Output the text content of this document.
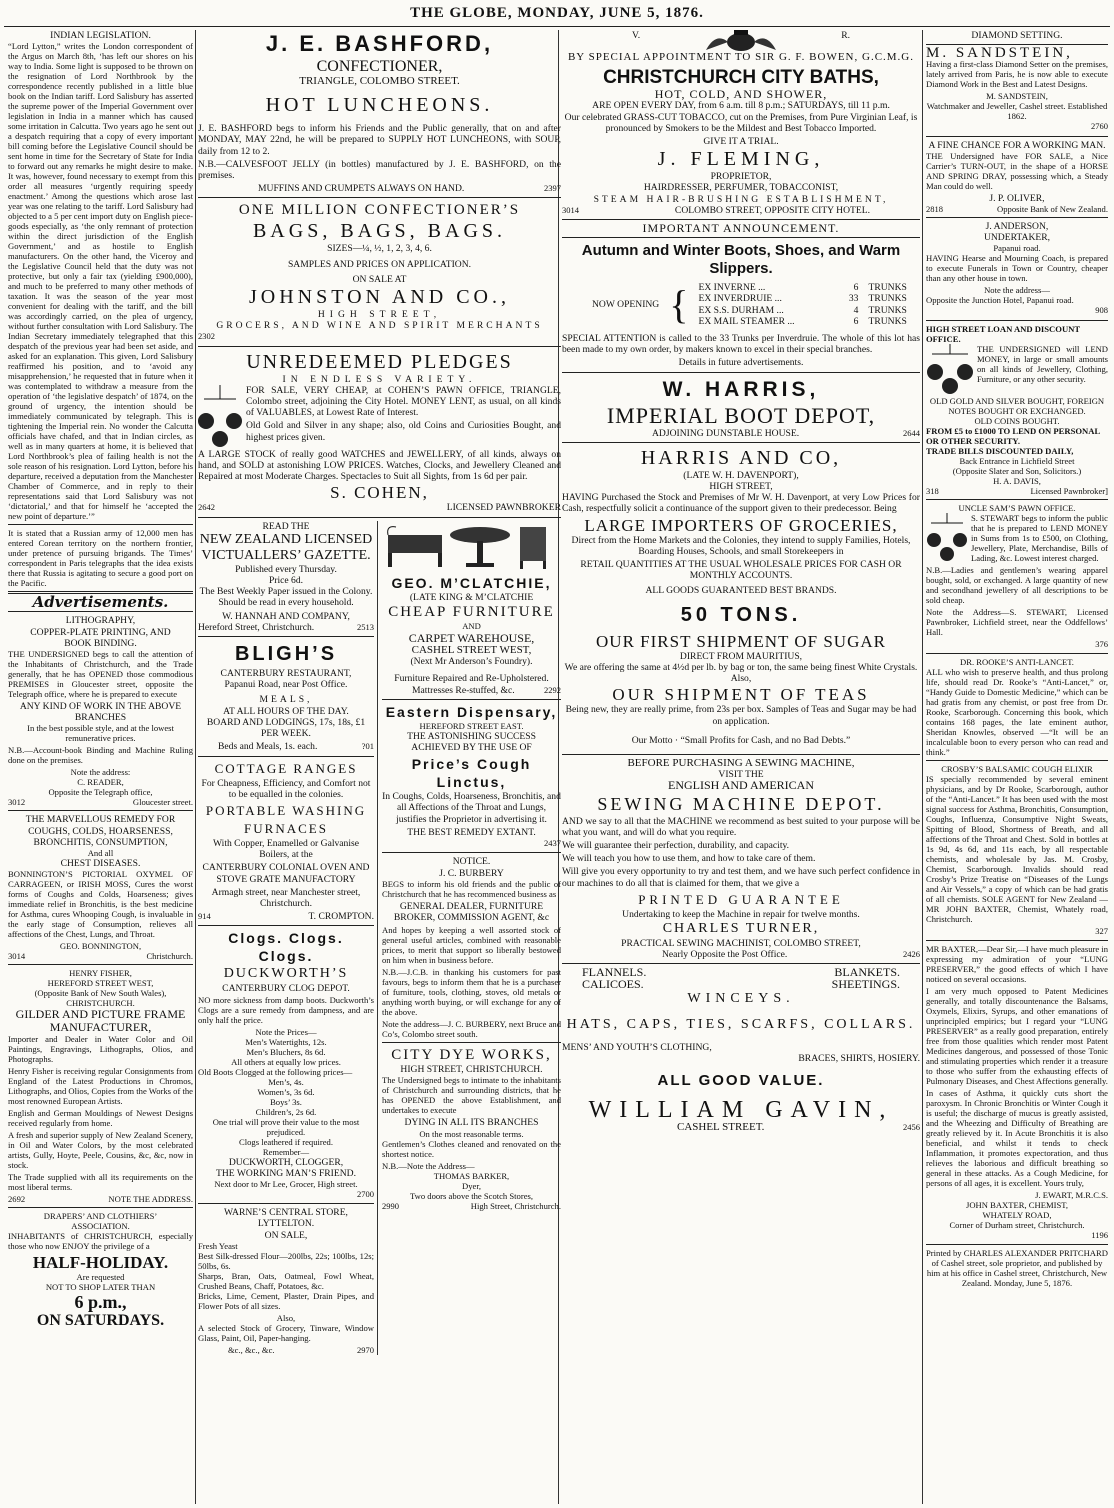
THE GLOBE, MONDAY, JUNE 5, 1876.
INDIAN LEGISLATION.

“Lord Lytton,” writes the London correspondent of the Argus on March 8th, ‘has left our shores on his way to India. Some light is supposed to be thrown on the resignation of Lord Northbrook by the correspondence recently published in a little blue book on the Indian tariff. Lord Salisbury has asserted the supreme power of the Imperial Government over legislation in India in a manner which has caused some irritation in Calcutta. Two years ago he sent out a despatch requiring that a copy of every important bill coming before the Legislative Council should be sent home in time for the Secretary of State for India to forward out any remarks he might desire to make. It was, however, found necessary to exempt from this order all measures ‘urgently requiring speedy enactment.’ Among the questions which arose last year was one relating to the tariff. Lord Salisbury had objected to a 5 per cent import duty on English piece-goods especially, as ‘the only remnant of protection within the direct jurisdiction of the English Government,’ and as hostile to English manufacturers. On the other hand, the Viceroy and the Legislative Council held that the duty was not protective, but only a fair tax (yielding £900,000), and much to be preferred to many other methods of taxation. It was the season of the year most convenient for dealing with the tariff, and the bill was accordingly carried, on the plea of urgency, without further consultation with Lord Salisbury. The Indian Secretary immediately telegraphed that this despatch of the previous year had been set aside, and asked for an explanation. This given, Lord Salisbury reaffirmed his position, and to ‘avoid any misapprehension,’ he requested that in future when it was contemplated to withdraw a measure from the operation of ‘the legislative despatch’ of 1874, on the ground of urgency, the intention should be immediately communicated by telegraph. This is tightening the Imperial rein. No wonder the Calcutta officials have chafed, and that in Indian circles, as well as in many quarters at home, it is believed that Lord Northbrook’s plea of failing health is not the sole reason of his resignation. Lord Lytton, before his departure, received a deputation from the Manchester Chamber of Commerce, and in reply to their representations said that Lord Salisbury was not ‘dictatorial,’ and that for himself he ‘accepted the new point of departure.’”

It is stated that a Russian army of 12,000 men has entered Corean territory on the northern frontier, under pretence of pursuing brigands. The Times’ correspondent in Paris telegraphs that the idea exists there that Russia is agitating to secure a good port on the Pacific.

Advertisements.
LITHOGRAPHY,
COPPER-PLATE PRINTING, AND
BOOK BINDING.

THE UNDERSIGNED begs to call the attention of the Inhabitants of Christchurch, and the Trade generally, that he has OPENED those commodious PREMISES in Gloucester street, opposite the Telegraph office, where he is prepared to execute

ANY KIND OF WORK IN THE ABOVE BRANCHES

In the best possible style, and at the lowest remunerative prices.

N.B.—Account-book Binding and Machine Ruling done on the premises.

Note the address:
C. READER,
Opposite the Telegraph office,
3012	Gloucester street.
THE MARVELLOUS REMEDY FOR
COUGHS, COLDS, HOARSENESS,
BRONCHITIS, CONSUMPTION,
And all
CHEST DISEASES.

BONNINGTON’S PICTORIAL OXYMEL OF CARRAGEEN, or IRISH MOSS, Cures the worst forms of Coughs and Colds, Hoarseness; gives immediate relief in Bronchitis, is the best medicine for Asthma, cures Whooping Cough, is invaluable in the early stage of Consumption, relieves all affections of the Chest, Lungs, and Throat.

GEO. BONNINGTON,
3014	Christchurch.
HENRY FISHER,
HEREFORD STREET WEST,
(Opposite Bank of New South Wales),
CHRISTCHURCH.
GILDER AND PICTURE FRAME MANUFACTURER,

Importer and Dealer in Water Color and Oil Paintings, Engravings, Lithographs, Olios, and Photographs.

Henry Fisher is receiving regular Consignments from England of the Latest Productions in Chromos, Lithographs, and Olios, Copies from the Works of the most renowned European Artists.

English and German Mouldings of Newest Designs received regularly from home.

A fresh and superior supply of New Zealand Scenery, in Oil and Water Colors, by the most celebrated artists, Gully, Hoyte, Peele, Cousins, &c, &c, now in stock.

The Trade supplied with all its requirements on the most liberal terms.

2692	NOTE THE ADDRESS.
DRAPERS’ AND CLOTHIERS’
ASSOCIATION.

INHABITANTS of CHRISTCHURCH, especially those who now ENJOY the privilege of a

HALF-HOLIDAY.
Are requested
NOT TO SHOP LATER THAN
6 p.m.,
ON SATURDAYS.
J. E. BASHFORD,
CONFECTIONER,
TRIANGLE, COLOMBO STREET.
HOT LUNCHEONS.

J. E. BASHFORD begs to inform his Friends and the Public generally, that on and after MONDAY, MAY 22nd, he will be prepared to SUPPLY HOT LUNCHEONS, with SOUP, daily from 12 to 2.

N.B.—CALVESFOOT JELLY (in bottles) manufactured by J. E. BASHFORD, on the premises.

MUFFINS AND CRUMPETS ALWAYS ON HAND.	2397
ONE MILLION CONFECTIONER’S
BAGS, BAGS, BAGS.
SIZES—¼, ½, 1, 2, 3, 4, 6.
SAMPLES AND PRICES ON APPLICATION.
ON SALE AT
JOHNSTON AND CO.,
HIGH STREET,
GROCERS, AND WINE AND SPIRIT MERCHANTS
2302
UNREDEEMED PLEDGES
IN ENDLESS VARIETY.

FOR SALE, VERY CHEAP, at COHEN’S PAWN OFFICE, TRIANGLE, Colombo street, adjoining the City Hotel. MONEY LENT, as usual, on all kinds of VALUABLES, at Lowest Rate of Interest.

Old Gold and Silver in any shape; also, old Coins and Curiosities Bought, and highest prices given.

A LARGE STOCK of really good WATCHES and JEWELLERY, of all kinds, always on hand, and SOLD at astonishing LOW PRICES. Watches, Clocks, and Jewellery Cleaned and Repaired at most Moderate Charges. Spectacles to Suit all Sights, from 1s 6d per pair.

S. COHEN,
2642	LICENSED PAWNBROKER
READ THE
NEW ZEALAND LICENSED
VICTUALLERS’ GAZETTE.
Published every Thursday.
Price 6d.

The Best Weekly Paper issued in the Colony. Should be read in every household.

W. HANNAH AND COMPANY,
Hereford Street, Christchurch.	2513
BLIGH’S
CANTERBURY RESTAURANT,
Papanui Road, near Post Office.
MEALS,
AT ALL HOURS OF THE DAY.

BOARD AND LODGINGS, 17s, 18s, £1 PER WEEK.

Beds and Meals, 1s. each.	?01
COTTAGE RANGES

For Cheapness, Efficiency, and Comfort not to be equalled in the colonies.

PORTABLE WASHING FURNACES

With Copper, Enamelled or Galvanise Boilers, at the

CANTERBURY COLONIAL OVEN AND STOVE GRATE MANUFACTORY

Armagh street, near Manchester street, Christchurch.

914	T. CROMPTON.
Clogs. Clogs. Clogs.
DUCKWORTH’S
CANTERBURY CLOG DEPOT.

NO more sickness from damp boots. Duckworth’s Clogs are a sure remedy from dampness, and are only half the price.

Note the Prices—
Men’s Watertights, 12s.
Men’s Bluchers, 8s 6d.
All others at equally low prices.
Old Boots Clogged at the following prices—
Men’s, 4s.
Women’s, 3s 6d.
Boys’ 3s.
Children’s, 2s 6d.
One trial will prove their value to the most prejudiced.
Clogs leathered if required.
Remember—
DUCKWORTH, CLOGGER,
THE WORKING MAN’S FRIEND.
Next door to Mr Lee, Grocer, High street.
2700
WARNE’S CENTRAL STORE, LYTTELTON.
ON SALE,

Fresh Yeast
Best Silk-dressed Flour—200lbs, 22s; 100lbs, 12s; 50lbs, 6s.
Sharps, Bran, Oats, Oatmeal, Fowl Wheat, Crushed Beans, Chaff, Potatoes, &c.
Bricks, Lime, Cement, Plaster, Drain Pipes, and Flower Pots of all sizes.

Also,

A selected Stock of Grocery, Tinware, Window Glass, Paint, Oil, Paper-hanging.

&c., &c., &c.	2970
GEO. M’CLATCHIE,
(LATE KING & M’CLATCHIE
CHEAP FURNITURE
AND
CARPET WAREHOUSE,
CASHEL STREET WEST,
(Next Mr Anderson’s Foundry).
Furniture Repaired and Re-Upholstered.
Mattresses Re-stuffed, &c.	2292
Eastern Dispensary,
HEREFORD STREET EAST.

THE ASTONISHING SUCCESS ACHIEVED BY THE USE OF

Price’s Cough Linctus,

In Coughs, Colds, Hoarseness, Bronchitis, and all Affections of the Throat and Lungs, justifies the Proprietor in advertising it.

THE BEST REMEDY EXTANT.
2437
NOTICE.
J. C. BURBERY

BEGS to inform his old friends and the public of Christchurch that he has recommenced business as

GENERAL DEALER, FURNITURE BROKER, COMMISSION AGENT, &c

And hopes by keeping a well assorted stock of general useful articles, combined with reasonable prices, to merit that support so liberally bestowed on him when in business before.

N.B.—J.C.B. in thanking his customers for past favours, begs to inform them that he is a purchaser of furniture, tools, clothing, stoves, old metals or anything worth buying, or will exchange for any of the above.

Note the address—J. C. BURBERY, next Bruce and Co’s, Colombo street south.

CITY DYE WORKS,
HIGH STREET, CHRISTCHURCH.

The Undersigned begs to intimate to the inhabitants of Christchurch and surrounding districts, that he has OPENED the above Establishment, and undertakes to execute

DYING IN ALL ITS BRANCHES
On the most reasonable terms.

Gentlemen’s Clothes cleaned and renovated on the shortest notice.

N.B.—Note the Address—
THOMAS BARKER,
Dyer,
Two doors above the Scotch Stores,
2990	High Street, Christchurch.
V.	R.
BY SPECIAL APPOINTMENT TO SIR G. F. BOWEN, G.C.M.G.
CHRISTCHURCH CITY BATHS,
HOT, COLD, AND SHOWER,
ARE OPEN EVERY DAY, from 6 a.m. till 8 p.m.; SATURDAYS, till 11 p.m.

Our celebrated GRASS-CUT TOBACCO, cut on the Premises, from Pure Virginian Leaf, is pronounced by Smokers to be the Mildest and Best Tobacco Imported.

GIVE IT A TRIAL.
J. FLEMING,
PROPRIETOR,
HAIRDRESSER, PERFUMER, TOBACCONIST,
STEAM HAIR-BRUSHING ESTABLISHMENT,
3014	COLOMBO STREET, OPPOSITE CITY HOTEL.
IMPORTANT ANNOUNCEMENT.
Autumn and Winter Boots, Shoes, and Warm Slippers.
NOW OPENING { EX INVERNE ...	6 TRUNKS
EX INVERDRUIE ...	33 TRUNKS
EX S.S. DURHAM ...	4 TRUNKS
EX MAIL STEAMER ...	6 TRUNKS

SPECIAL ATTENTION is called to the 33 Trunks per Inverdruie. The whole of this lot has been made to my own order, by makers known to excel in their special branches.

Details in future advertisements.
W. HARRIS,
IMPERIAL BOOT DEPOT,
ADJOINING DUNSTABLE HOUSE.	2644
HARRIS AND CO,
(LATE W. H. DAVENPORT),
HIGH STREET,

HAVING Purchased the Stock and Premises of Mr W. H. Davenport, at very Low Prices for Cash, respectfully solicit a continuance of the support given to their predecessor. Being

LARGE IMPORTERS OF GROCERIES,

Direct from the Home Markets and the Colonies, they intend to supply Families, Hotels, Boarding Houses, Schools, and small Storekeepers in

RETAIL QUANTITIES AT THE USUAL WHOLESALE PRICES FOR CASH OR MONTHLY ACCOUNTS.

ALL GOODS GUARANTEED BEST BRANDS.
50 TONS.
OUR FIRST SHIPMENT OF SUGAR
DIRECT FROM MAURITIUS,

We are offering the same at 4½d per lb. by bag or ton, the same being finest White Crystals. Also,

OUR SHIPMENT OF TEAS

Being new, they are really prime, from 23s per box. Samples of Teas and Sugar may be had on application.

Our Motto · “Small Profits for Cash, and no Bad Debts.”
BEFORE PURCHASING A SEWING MACHINE,
VISIT THE
ENGLISH AND AMERICAN
SEWING MACHINE DEPOT.

AND we say to all that the MACHINE we recommend as best suited to your purpose will be what you want, and will do what you require.

We will guarantee their perfection, durability, and capacity.

We will teach you how to use them, and how to take care of them.

Will give you every opportunity to try and test them, and we have such perfect confidence in our machines to do all that is claimed for them, that we give a

PRINTED GUARANTEE
Undertaking to keep the Machine in repair for twelve months.
CHARLES TURNER,
PRACTICAL SEWING MACHINIST, COLOMBO STREET,
Nearly Opposite the Post Office.	2426
FLANNELS.	BLANKETS.
CALICOES.	SHEETINGS.
WINCEYS.
HATS, CAPS, TIES, SCARFS, COLLARS.
MENS’ AND YOUTH’S CLOTHING,
BRACES, SHIRTS, HOSIERY.
ALL GOOD VALUE.
WILLIAM GAVIN,
CASHEL STREET.	2456
DIAMOND SETTING.
M. SANDSTEIN,

Having a first-class Diamond Setter on the premises, lately arrived from Paris, he is now able to execute Diamond Work in the Best and Latest Designs.

M. SANDSTEIN,
Watchmaker and Jeweller, Cashel street. Established 1862.
2760
A FINE CHANCE FOR A WORKING MAN.

THE Undersigned have FOR SALE, a Nice Carrier’s TURN-OUT, in the shape of a HORSE AND SPRING DRAY, possessing which, a Steady Man could do well.

J. P. OLIVER,
2818	Opposite Bank of New Zealand.
J. ANDERSON,
UNDERTAKER,
Papanui road.

HAVING Hearse and Mourning Coach, is prepared to execute Funerals in Town or Country, cheaper than any other house in town.

Note the address—
Opposite the Junction Hotel, Papanui road.
908
HIGH STREET LOAN AND DISCOUNT OFFICE.

THE UNDERSIGNED will LEND MONEY, in large or small amounts on all kinds of Jewellery, Clothing, Furniture, or any other security.

OLD GOLD AND SILVER BOUGHT, FOREIGN NOTES BOUGHT OR EXCHANGED.
OLD COINS BOUGHT.
FROM £5 to £1000 TO LEND ON PERSONAL OR OTHER SECURITY.
TRADE BILLS DISCOUNTED DAILY,
Back Entrance in Lichfield Street
(Opposite Slater and Son, Solicitors.)
H. A. DAVIS,
318	Licensed Pawnbroker]
UNCLE SAM’S PAWN OFFICE.

S. STEWART begs to inform the public that he is prepared to LEND MONEY in Sums from 1s to £500, on Clothing, Jewellery, Plate, Merchandise, Bills of Lading, &c. Lowest interest charged.

N.B.—Ladies and gentlemen’s wearing apparel bought, sold, or exchanged. A large quantity of new and secondhand jewellery of all descriptions to be sold cheap.

Note the Address—S. STEWART, Licensed Pawnbroker, Lichfield street, near the Oddfellows’ Hall.

376
DR. ROOKE’S ANTI-LANCET.

ALL who wish to preserve health, and thus prolong life, should read Dr. Rooke’s “Anti-Lancet,” or, “Handy Guide to Domestic Medicine,” which can be had gratis from any chemist, or post free from Dr. Rooke, Scarborough. Concerning this book, which contains 168 pages, the late eminent author, Sheridan Knowles, observed —“It will be an incalculable boon to every person who can read and think.”

CROSBY’S BALSAMIC COUGH ELIXIR

IS specially recommended by several eminent physicians, and by Dr Rooke, Scarborough, author of the “Anti-Lancet.” It has been used with the most signal success for Asthma, Bronchitis, Consumption, Coughs, Influenza, Consumptive Night Sweats, Spitting of Blood, Shortness of Breath, and all affections of the Throat and Chest. Sold in bottles at 1s 9d, 4s 6d, and 11s each, by all respectable chemists, and wholesale by Jas. M. Crosby, Chemist, Scarborough. Invalids should read Crosby’s Prize Treatise on “Diseases of the Lungs and Air Vessels,” a copy of which can be had gratis of all chemists. SOLE AGENT for New Zealand — MR JOHN BAXTER, Chemist, Whately road, Christchurch.

327

MR BAXTER,—Dear Sir,—I have much pleasure in expressing my admiration of your “LUNG PRESERVER,” the good effects of which I have noticed on several occasions.

I am very much opposed to Patent Medicines generally, and totally discountenance the Balsams, Oxymels, Elixirs, Syrups, and other emanations of unprincipled empirics; but I regard your “LUNG PRESERVER” as a really good preparation, entirely free from those qualities which render most Patent Medicines dangerous, and possessed of those Tonic and stimulating properties which render it a treasure to those who suffer from the exhausting effects of Pulmonary Diseases, and Chest Affections generally.

In cases of Asthma, it quickly cuts short the paroxysm. In Chronic Bronchitis or Winter Cough it is useful; the discharge of mucus is greatly assisted, and the Wheezing and Difficulty of Breathing are greatly relieved by it. In Acute Bronchitis it is also beneficial, and whilst it tends to check Inflammation, it promotes expectoration, and thus relieves the laborious and difficult breathing so general in these attacks. As a Cough Medicine, for persons of all ages, it is excellent. Yours truly,

J. EWART, M.R.C.S.
JOHN BAXTER, CHEMIST,
WHATELY ROAD,
Corner of Durham street, Christchurch.
1196

Printed by CHARLES ALEXANDER PRITCHARD of Cashel street, sole proprietor, and published by him at his office in Cashel street, Christchurch, New Zealand. Monday, June 5, 1876.
